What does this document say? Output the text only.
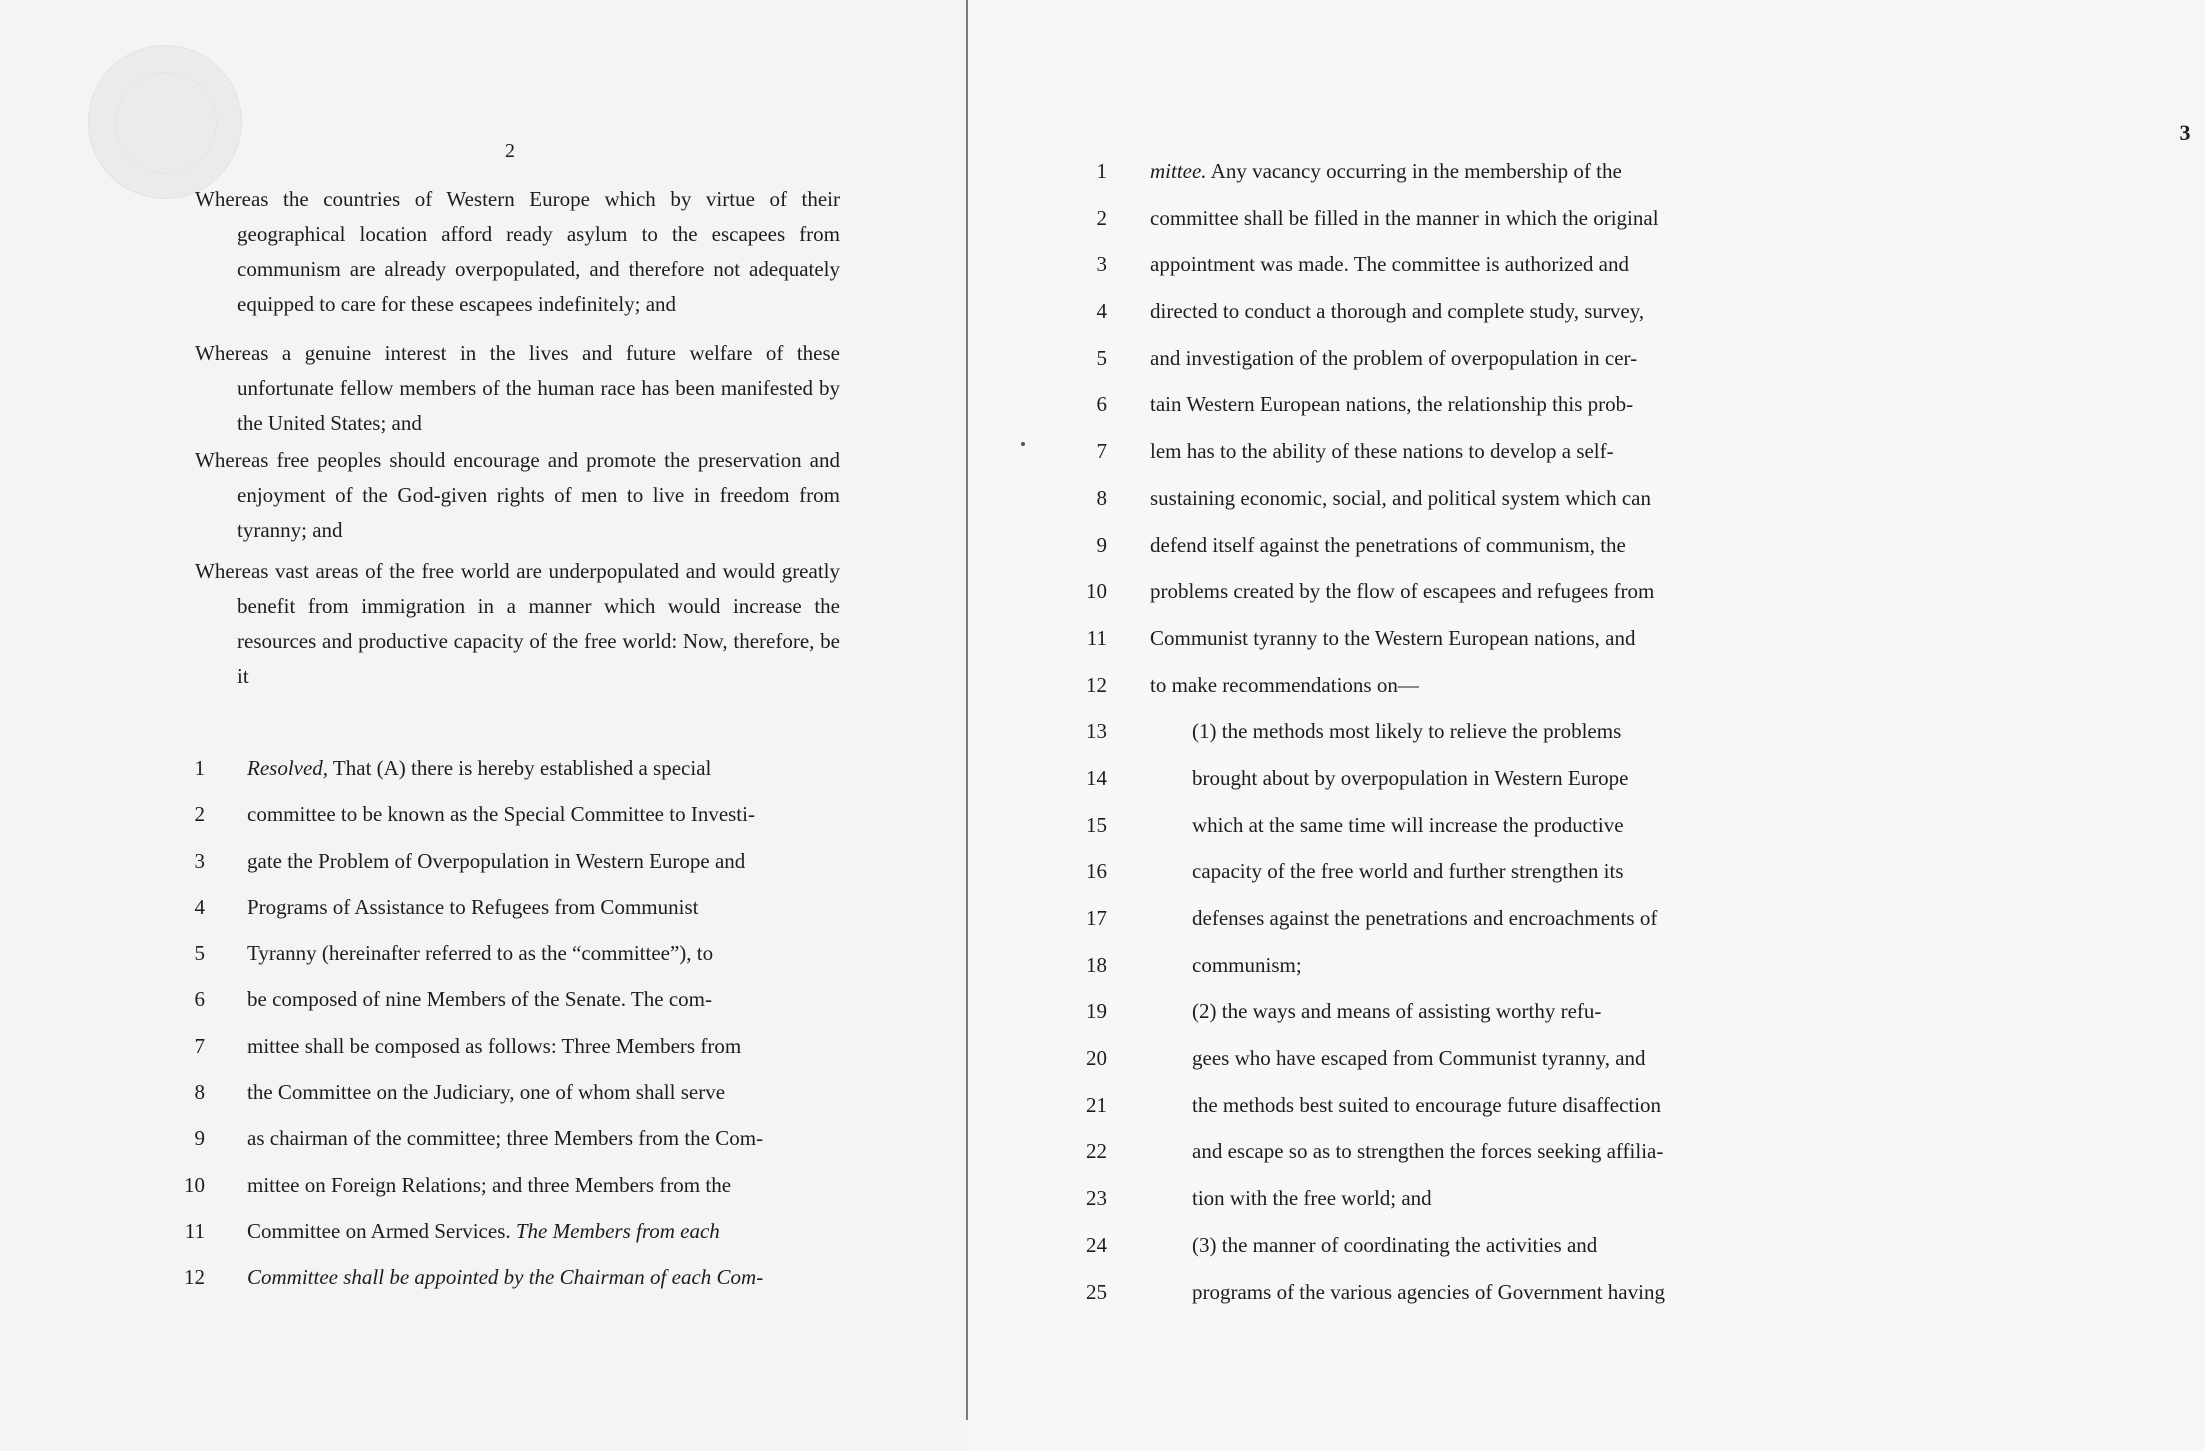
2

Whereas the countries of Western Europe which by virtue of their geographical location afford ready asylum to the escapees from communism are already overpopulated, and therefore not adequately equipped to care for these escapees indefinitely; and

Whereas a genuine interest in the lives and future welfare of these unfortunate fellow members of the human race has been manifested by the United States; and

Whereas free peoples should encourage and promote the preservation and enjoyment of the God-given rights of men to live in freedom from tyranny; and

Whereas vast areas of the free world are underpopulated and would greatly benefit from immigration in a manner which would increase the resources and productive capacity of the free world: Now, therefore, be it

1 Resolved, That (A) there is hereby established a special
2 committee to be known as the Special Committee to Investi-
3 gate the Problem of Overpopulation in Western Europe and
4 Programs of Assistance to Refugees from Communist
5 Tyranny (hereinafter referred to as the “committee”), to
6 be composed of nine Members of the Senate. The com-
7 mittee shall be composed as follows: Three Members from
8 the Committee on the Judiciary, one of whom shall serve
9 as chairman of the committee; three Members from the Com-
10 mittee on Foreign Relations; and three Members from the
11 Committee on Armed Services. The Members from each
12 Committee shall be appointed by the Chairman of each Com-
3
1 mittee. Any vacancy occurring in the membership of the
2 committee shall be filled in the manner in which the original
3 appointment was made. The committee is authorized and
4 directed to conduct a thorough and complete study, survey,
5 and investigation of the problem of overpopulation in cer-
6 tain Western European nations, the relationship this prob-
7 lem has to the ability of these nations to develop a self-
8 sustaining economic, social, and political system which can
9 defend itself against the penetrations of communism, the
10 problems created by the flow of escapees and refugees from
11 Communist tyranny to the Western European nations, and
12 to make recommendations on—
13	(1) the methods most likely to relieve the problems
14	brought about by overpopulation in Western Europe
15	which at the same time will increase the productive
16	capacity of the free world and further strengthen its
17	defenses against the penetrations and encroachments of
18	communism;
19	(2) the ways and means of assisting worthy refu-
20	gees who have escaped from Communist tyranny, and
21	the methods best suited to encourage future disaffection
22	and escape so as to strengthen the forces seeking affilia-
23	tion with the free world; and
24	(3) the manner of coordinating the activities and
25	programs of the various agencies of Government having
